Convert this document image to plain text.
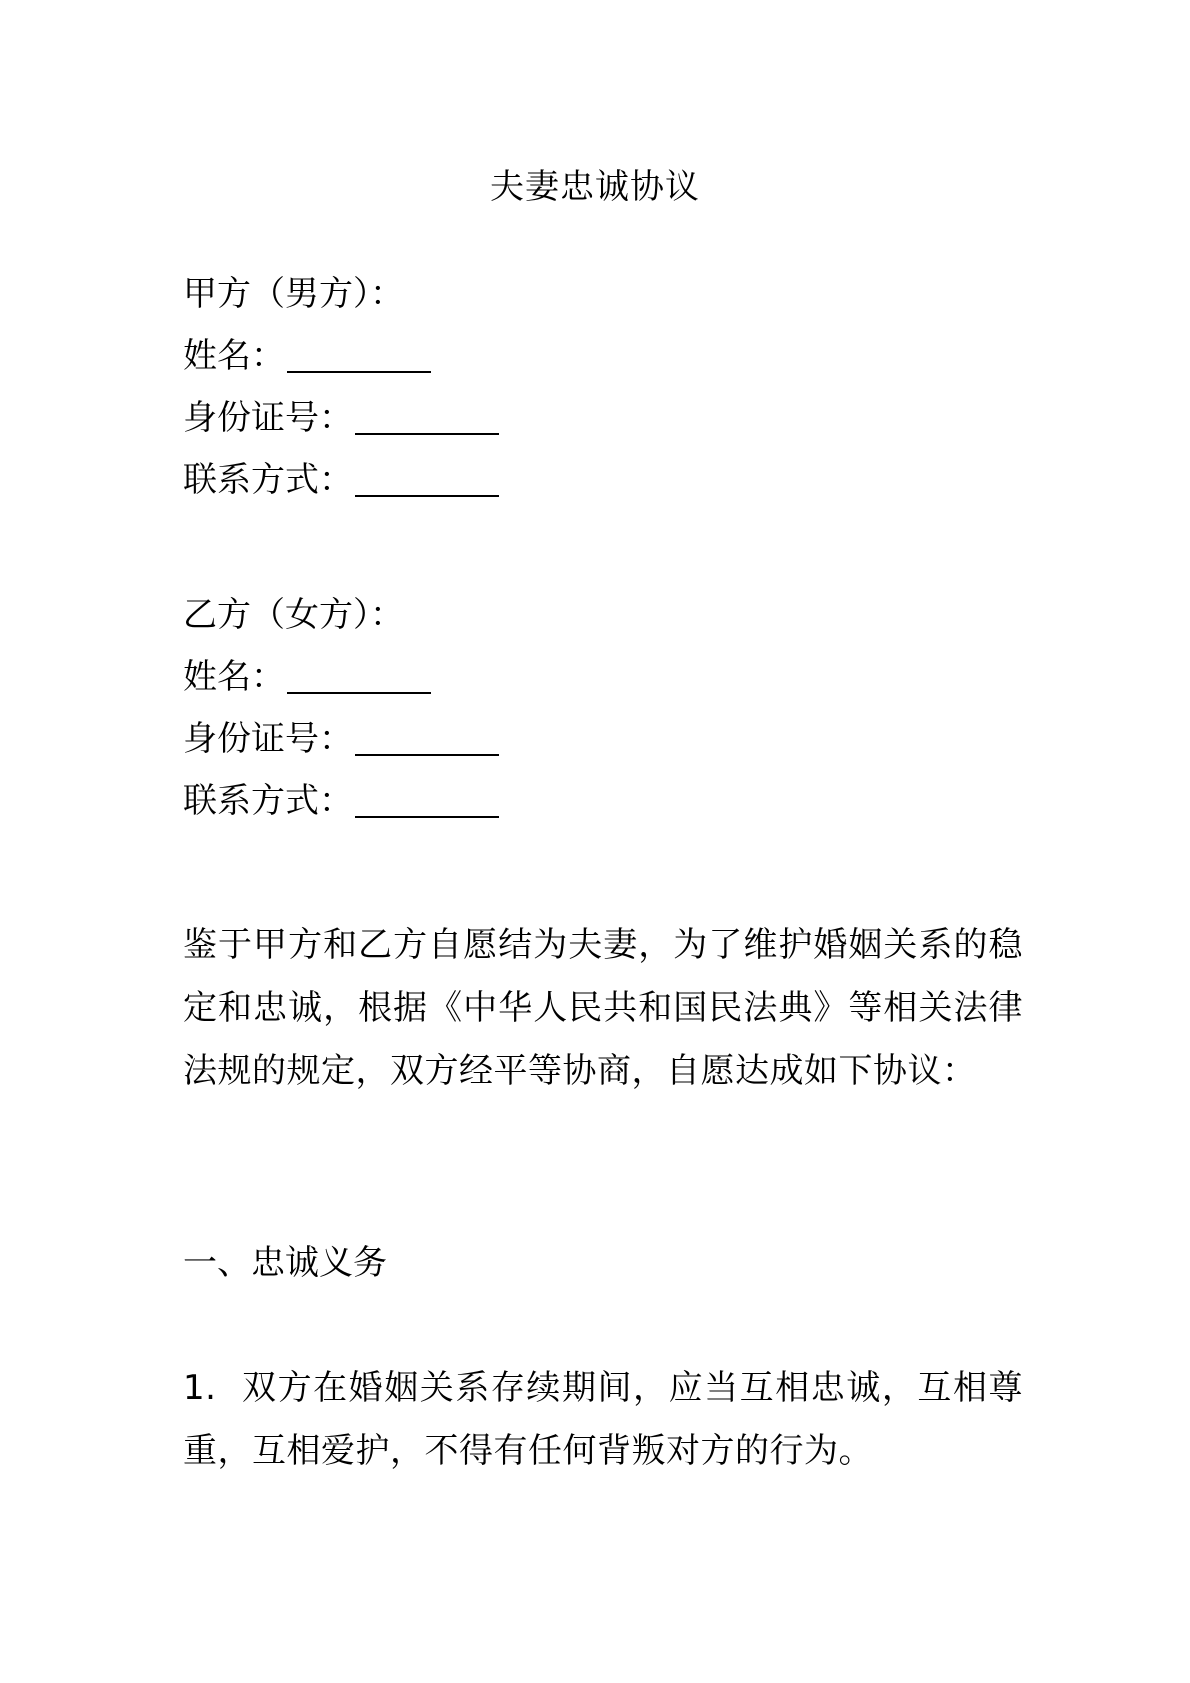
夫妻忠诚协议
甲方（男方）：
姓名：
身份证号：
联系方式：
乙方（女方）：
姓名：
身份证号：
联系方式：
鉴于甲方和乙方自愿结为夫妻，为了维护婚姻关系的稳定和忠诚，根据《中华人民共和国民法典》等相关法律法规的规定，双方经平等协商，自愿达成如下协议：
一、忠诚义务
1. 双方在婚姻关系存续期间，应当互相忠诚，互相尊重，互相爱护，不得有任何背叛对方的行为。
